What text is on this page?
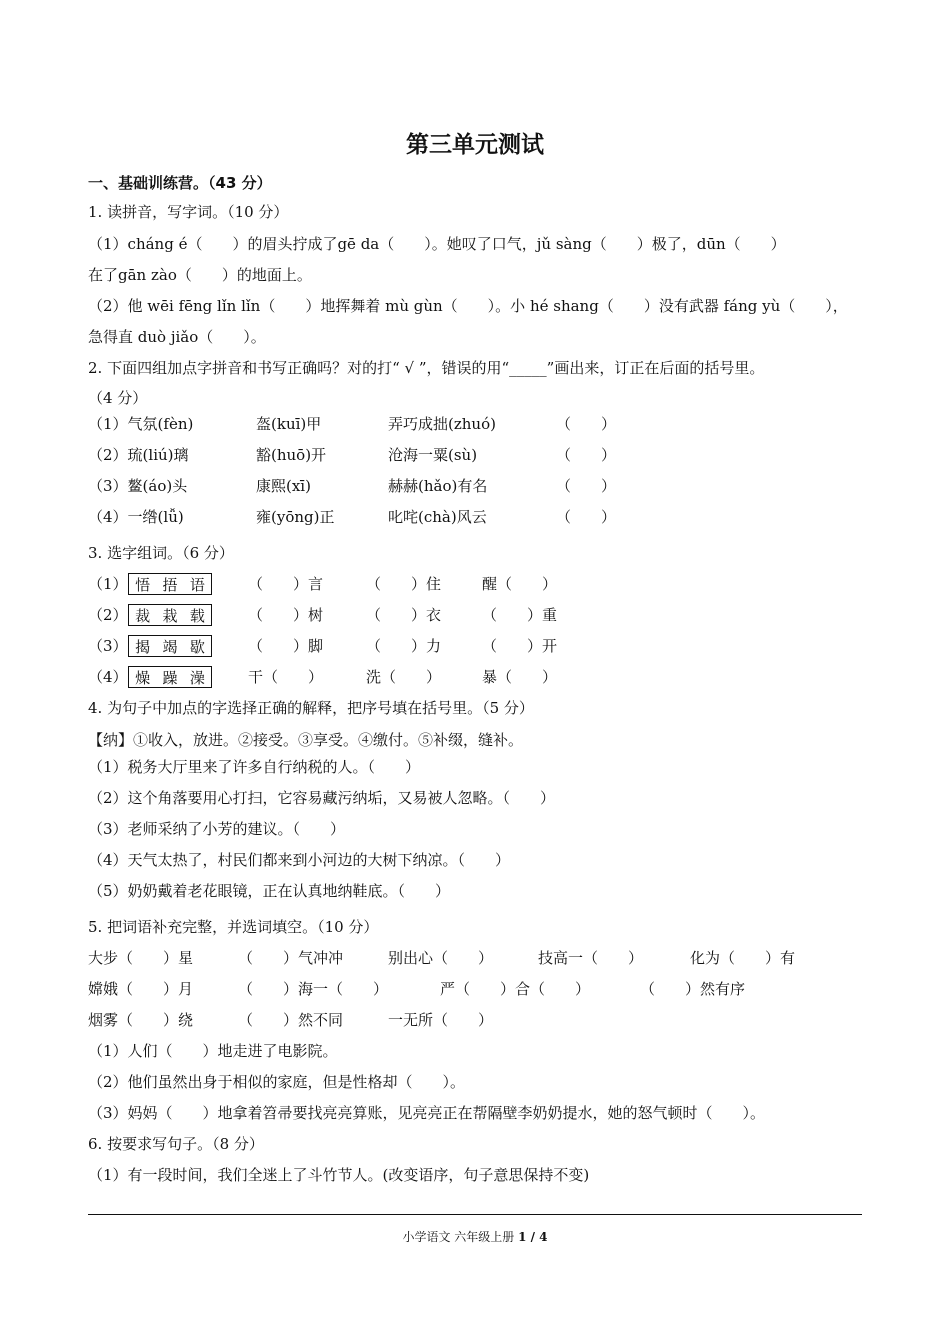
第三单元测试
一、基础训练营。（43 分）
1. 读拼音，写字词。（10 分）
（1）cháng é（　　）的眉头拧成了gē da（　　）。她叹了口气，jǔ sàng（　　）极了，dūn（　　）
在了gān zào（　　）的地面上。
（2）他 wēi fēng lǐn lǐn（　　）地挥舞着 mù gùn（　　）。小 hé shang（　　）没有武器 fáng yù（　　），
急得直 duò jiǎo（　　）。
2. 下面四组加点字拼音和书写正确吗？对的打“ √ ”，错误的用“_____”画出来，订正在后面的括号里。
（4 分）
（1）气氛(fèn)	盔(kuī)甲	弄巧成拙(zhuó)	（　　）
（2）琉(liú)璃	豁(huō)开	沧海一粟(sù)	（　　）
（3）鳌(áo)头	康熙(xī)	赫赫(hǎo)有名	（　　）
（4）一绺(lǚ)	雍(yōng)正	叱咤(chà)风云	（　　）
3. 选字组词。（6 分）
（1） 悟 捂 语	（　　）言	（　　）住	醒（　　）
（2） 裁 栽 载	（　　）树	（　　）衣	（　　）重
（3） 揭 竭 歇	（　　）脚	（　　）力	（　　）开
（4） 燥 躁 澡	干（　　）	洗（　　）	暴（　　）
4. 为句子中加点的字选择正确的解释，把序号填在括号里。（5 分）
【纳】①收入，放进。②接受。③享受。④缴付。⑤补缀，缝补。
（1）税务大厅里来了许多自行纳税的人。（　　）
（2）这个角落要用心打扫，它容易藏污纳垢，又易被人忽略。（　　）
（3）老师采纳了小芳的建议。（　　）
（4）天气太热了，村民们都来到小河边的大树下纳凉。（　　）
（5）奶奶戴着老花眼镜，正在认真地纳鞋底。（　　）
5. 把词语补充完整，并选词填空。（10 分）
大步（　　）星	（　　）气冲冲	别出心（　　）	技高一（　　）	化为（　　）有
嫦娥（　　）月	（　　）海一（　　）	严（　　）合（　　）	（　　）然有序
烟雾（　　）绕	（　　）然不同	一无所（　　）
（1）人们（　　）地走进了电影院。
（2）他们虽然出身于相似的家庭，但是性格却（　　）。
（3）妈妈（　　）地拿着笤帚要找亮亮算账，见亮亮正在帮隔壁李奶奶提水，她的怒气顿时（　　）。
6. 按要求写句子。（8 分）
（1）有一段时间，我们全迷上了斗竹节人。(改变语序，句子意思保持不变)
小学语文 六年级上册 1 / 4
